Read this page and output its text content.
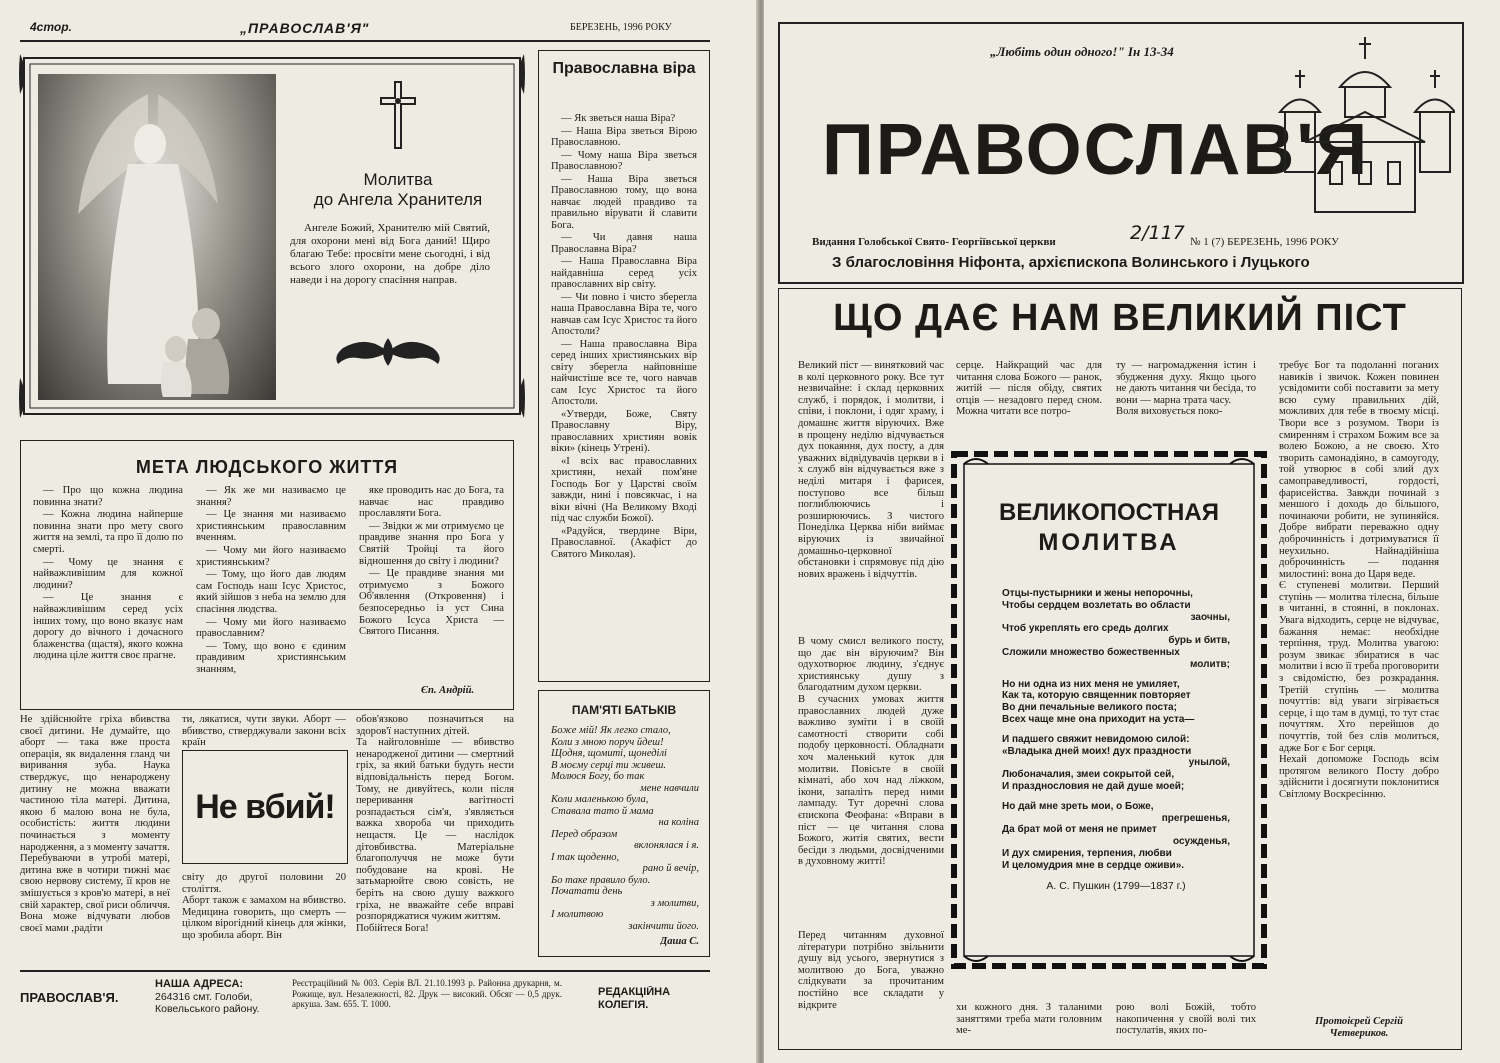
4стор.	„ПРАВОСЛАВ'Я"	БЕРЕЗЕНЬ, 1996 РОКУ
Молитва
до Ангела Хранителя
Ангеле Божий, Хранителю мій Святий, для охорони мені від Бога даний! Щиро благаю Тебе: просвіти мене сьогодні, і від всього злого охорони, на добре діло наведи і на дорогу спасіння направ.
Православна віра

— Як зветься наша Віра?

— Наша Віра зветься Вірою Православною.

— Чому наша Віра зветься Православною?

— Наша Віра зветься Православною тому, що вона навчає людей правдиво та правильно вірувати й славити Бога.

— Чи давня наша Православна Віра?

— Наша Православна Віра найдавніша серед усіх православних вір світу.

— Чи повно і чисто зберегла наша Православна Віра те, чого навчав сам Ісус Христос та його Апостоли?

— Наша православна Віра серед інших християнських вір світу зберегла найповніше найчистіше все те, чого навчав сам Ісус Христос та його Апостоли.

«Утверди, Боже, Святу Православну Віру, православних християн вовік віки» (кінець Утрені).

«І всіх вас православних християн, нехай пом'яне Господь Бог у Царстві своїм завжди, нині і повсякчас, і на віки вічні (На Великому Вході під час служби Божої).

«Радуйся, твердине Віри, Православної. (Акафіст до Святого Миколая).

МЕТА ЛЮДСЬКОГО ЖИТТЯ

— Про що кожна людина повинна знати?

— Кожна людина найперше повинна знати про мету свого життя на землі, та про її долю по смерті.

— Чому це знання є найважливішим для кожної людини?

— Це знання є найважливішим серед усіх інших тому, що воно вказує нам дорогу до вічного і дочасного блаженства (щастя), якого кожна людина ціле життя своє прагне.

— Як же ми називаємо це знання?

— Це знання ми називаємо християнським православним вченням.

— Чому ми його називаємо християнським?

— Тому, що його дав людям сам Господь наш Ісус Христос, який зійшов з неба на землю для спасіння людства.

— Чому ми його називаємо православним?

— Тому, що воно є єдиним правдивим християнським знанням,

яке проводить нас до Бога, та навчає нас правдиво прославляти Бога.

— Звідки ж ми отримуємо це правдиве знання про Бога у Святій Тройці та його відношення до світу і людини?

— Це правдиве знання ми отримуємо з Божого Об'явлення (Откровення) і безпосередньо із уст Сина Божого Ісуса Христа — Святого Писання.

Єп. Андрій.
Не здійснюйте гріха вбивства своєї дитини. Не думайте, що аборт — така вже проста операція, як видалення гланд чи виривання зуба. Наука стверджує, що ненароджену дитину не можна вважати частиною тіла матері. Дитина, якою б малою вона не була, особистість: життя людини починається з моменту народження, а з моменту зачаття.
Перебуваючи в утробі матері, дитина вже в чотири тижні має свою нервову систему, її кров не змішується з кров'ю матері, в неї свій характер, свої риси обличчя. Вона може відчувати любов своєї мами ,радіти
ти, лякатися, чути звуки. Аборт — вбивство, стверджували закони всіх країн
Не вбий!
світу до другої половини 20 століття.
Аборт також є замахом на вбивство. Медицина говорить, що смерть — цілком вірогідний кінець для жінки, що зробила аборт. Він
обов'язково позначиться на здоров'ї наступних дітей.
Та найголовніше — вбивство ненародженої дитини — смертний гріх, за який батьки будуть нести відповідальність перед Богом. Тому, не дивуйтесь, коли після переривання вагітності розпадається сім'я, з'являється важка хвороба чи приходить нещастя. Це — наслідок дітовбивства. Матеріальне благополуччя не може бути побудоване на крові. Не затьмарюйте свою совість, не беріть на свою душу важкого гріха, не вважайте себе вправі розпоряджатися чужим життям.
Побійтеся Бога!
ПАМ'ЯТІ БАТЬКІВ
Боже мій! Як легко стало,
Коли з мною поруч йдеш!
Щодня, щомиті, щонеділі
В моєму серці ти живеш.
Молюся Богу, бо так
мене навчили
Коли маленькою була,
Ставала тато й мама
на коліна
Перед образом
вклонялася і я.
І так щоденно,
рано й вечір,
Бо таке правило було.
Початати день
з молитви,
І молитвою
закінчити його.
Даша С.
ПРАВОСЛАВ'Я.
НАША АДРЕСА:
264316 смт. Голоби, Ковельського району.
Реєстраційний № 003. Серія ВЛ. 21.10.1993 р. Районна друкарня, м. Рожище, вул. Незалежності, 82. Друк — високий. Обсяг — 0,5 друк. аркуша. Зам. 655. Т. 1000.
РЕДАКЦІЙНА КОЛЕГІЯ.
„Любіть один одного!" Ін 13-34
ПРАВОСЛАВ'Я
Видання Голобської Свято- Георгіївської церкви	2/117 № 1 (7) БЕРЕЗЕНЬ, 1996 РОКУ
З благословіння Ніфонта, архієпископа Волинського і Луцького
ЩО ДАЄ НАМ ВЕЛИКИЙ ПІСТ
Великий піст — винятковий час в колі церковного року. Все тут незвичайне: і склад церковних служб, і порядок, і молитви, і співи, і поклони, і одяг храму, і домашнє життя віруючих. Вже в прощену неділю відчувається дух покаяння, дух посту, а для уважних відвідувачів церкви в і х служб він відчувається вже з неділі митаря і фарисея, поступово все більш поглиблюючись і розширюючись. З чистого Понеділка Церква ніби виймає віруючих із звичайної домашньо-церковної обстановки і спрямовує під дію нових вражень і відчуттів.
В чому смисл великого посту, що дає він віруючим? Він одухотворює людину, з'єднує християнську душу з благодатним духом церкви.
В сучасних умовах життя православних людей дуже важливо зуміти і в своїй самотності створити собі подобу церковності. Обладнати хоч маленький куток для молитви. Повісьте в своїй кімнаті, або хоч над ліжком, ікони, запаліть перед ними лампаду. Тут доречні слова єпископа Феофана: «Вправи в піст — це читання слова Божого, житія святих, вести бесіди з людьми, досвідченими в духовному житті!
Перед читанням духовної літератури потрібно звільнити душу від усього, звернутися з молитвою до Бога, уважно слідкувати за прочитаним постійно все складати у відкрите
серце. Найкращий час для читання слова Божого — ранок, житій — після обіду, святих отців — незадовго перед сном. Можна читати все потро-
хи кожного дня. З таланими заняттями треба мати головним ме-
ту — нагромадження істин і збудження духу. Якщо цього не дають читання чи бесіда, то вони — марна трата часу.
Воля виховується поко-
рою волі Божій, тобто накопичення у своїй волі тих постулатів, яких по-
требує Бог та подоланні поганих навиків і звичок. Кожен повинен усвідомити собі поставити за мету всю суму правильних дій, можливих для тебе в твоєму місці. Твори все з розумом. Твори із смиренням і страхом Божим все за волею Божою, а не своєю. Хто творить самонадіяно, в самоугоду, той утворює в собі злий дух самоправедливості, гордості, фарисейства. Завжди починай з меншого і доходь до більшого, починаючи робити, не зупиняйся. Добре вибрати переважно одну доброчинність і дотримуватися її неухильно. Найнадійніша доброчинність — подання милостині: вона до Царя веде.
Є ступеневі молитви. Перший ступінь — молитва тілесна, більше в читанні, в стоянні, в поклонах. Увага відходить, серце не відчуває, бажання немає: необхідне терпіння, труд. Молитва увагою: розум звикає збиратися в час молитви і всю її треба проговорити з свідомістю, без розкрадання. Третій ступінь — молитва почуттів: від уваги зігрівається серце, і що там в думці, то тут стає почуттям. Хто перейшов до почуттів, той без слів молиться, адже Бог є Бог серця.
Нехай допоможе Господь всім протягом великого Посту добро здійснити і досягнути поклонитися Світлому Воскресінню.
Протоієрей Сергій
Четвериков.
ВЕЛИКОПОСТНАЯ
МОЛИТВА
Отцы-пустырники и жены непорочны,
Чтобы сердцем возлетать во области
заочны,
Чтоб укреплять его средь долгих
бурь и битв,
Сложили множество божественных
молитв;
Но ни одна из них меня не умиляет,
Как та, которую священник повторяет
Во дни печальные великого поста;
Всех чаще мне она приходит на уста—
И падшего свяжит невидомою силой:
«Владыка дней моих! дух праздности
унылой,
Любоначалия, змеи сокрытой сей,
И празднословия не дай душе моей;
Но дай мне зреть мои, о Боже,
прегрешенья,
Да брат мой от меня не примет
осужденья,
И дух смирения, терпения, любви
И целомудрия мне в сердце оживи».
А. С. Пушкин (1799—1837 г.)
